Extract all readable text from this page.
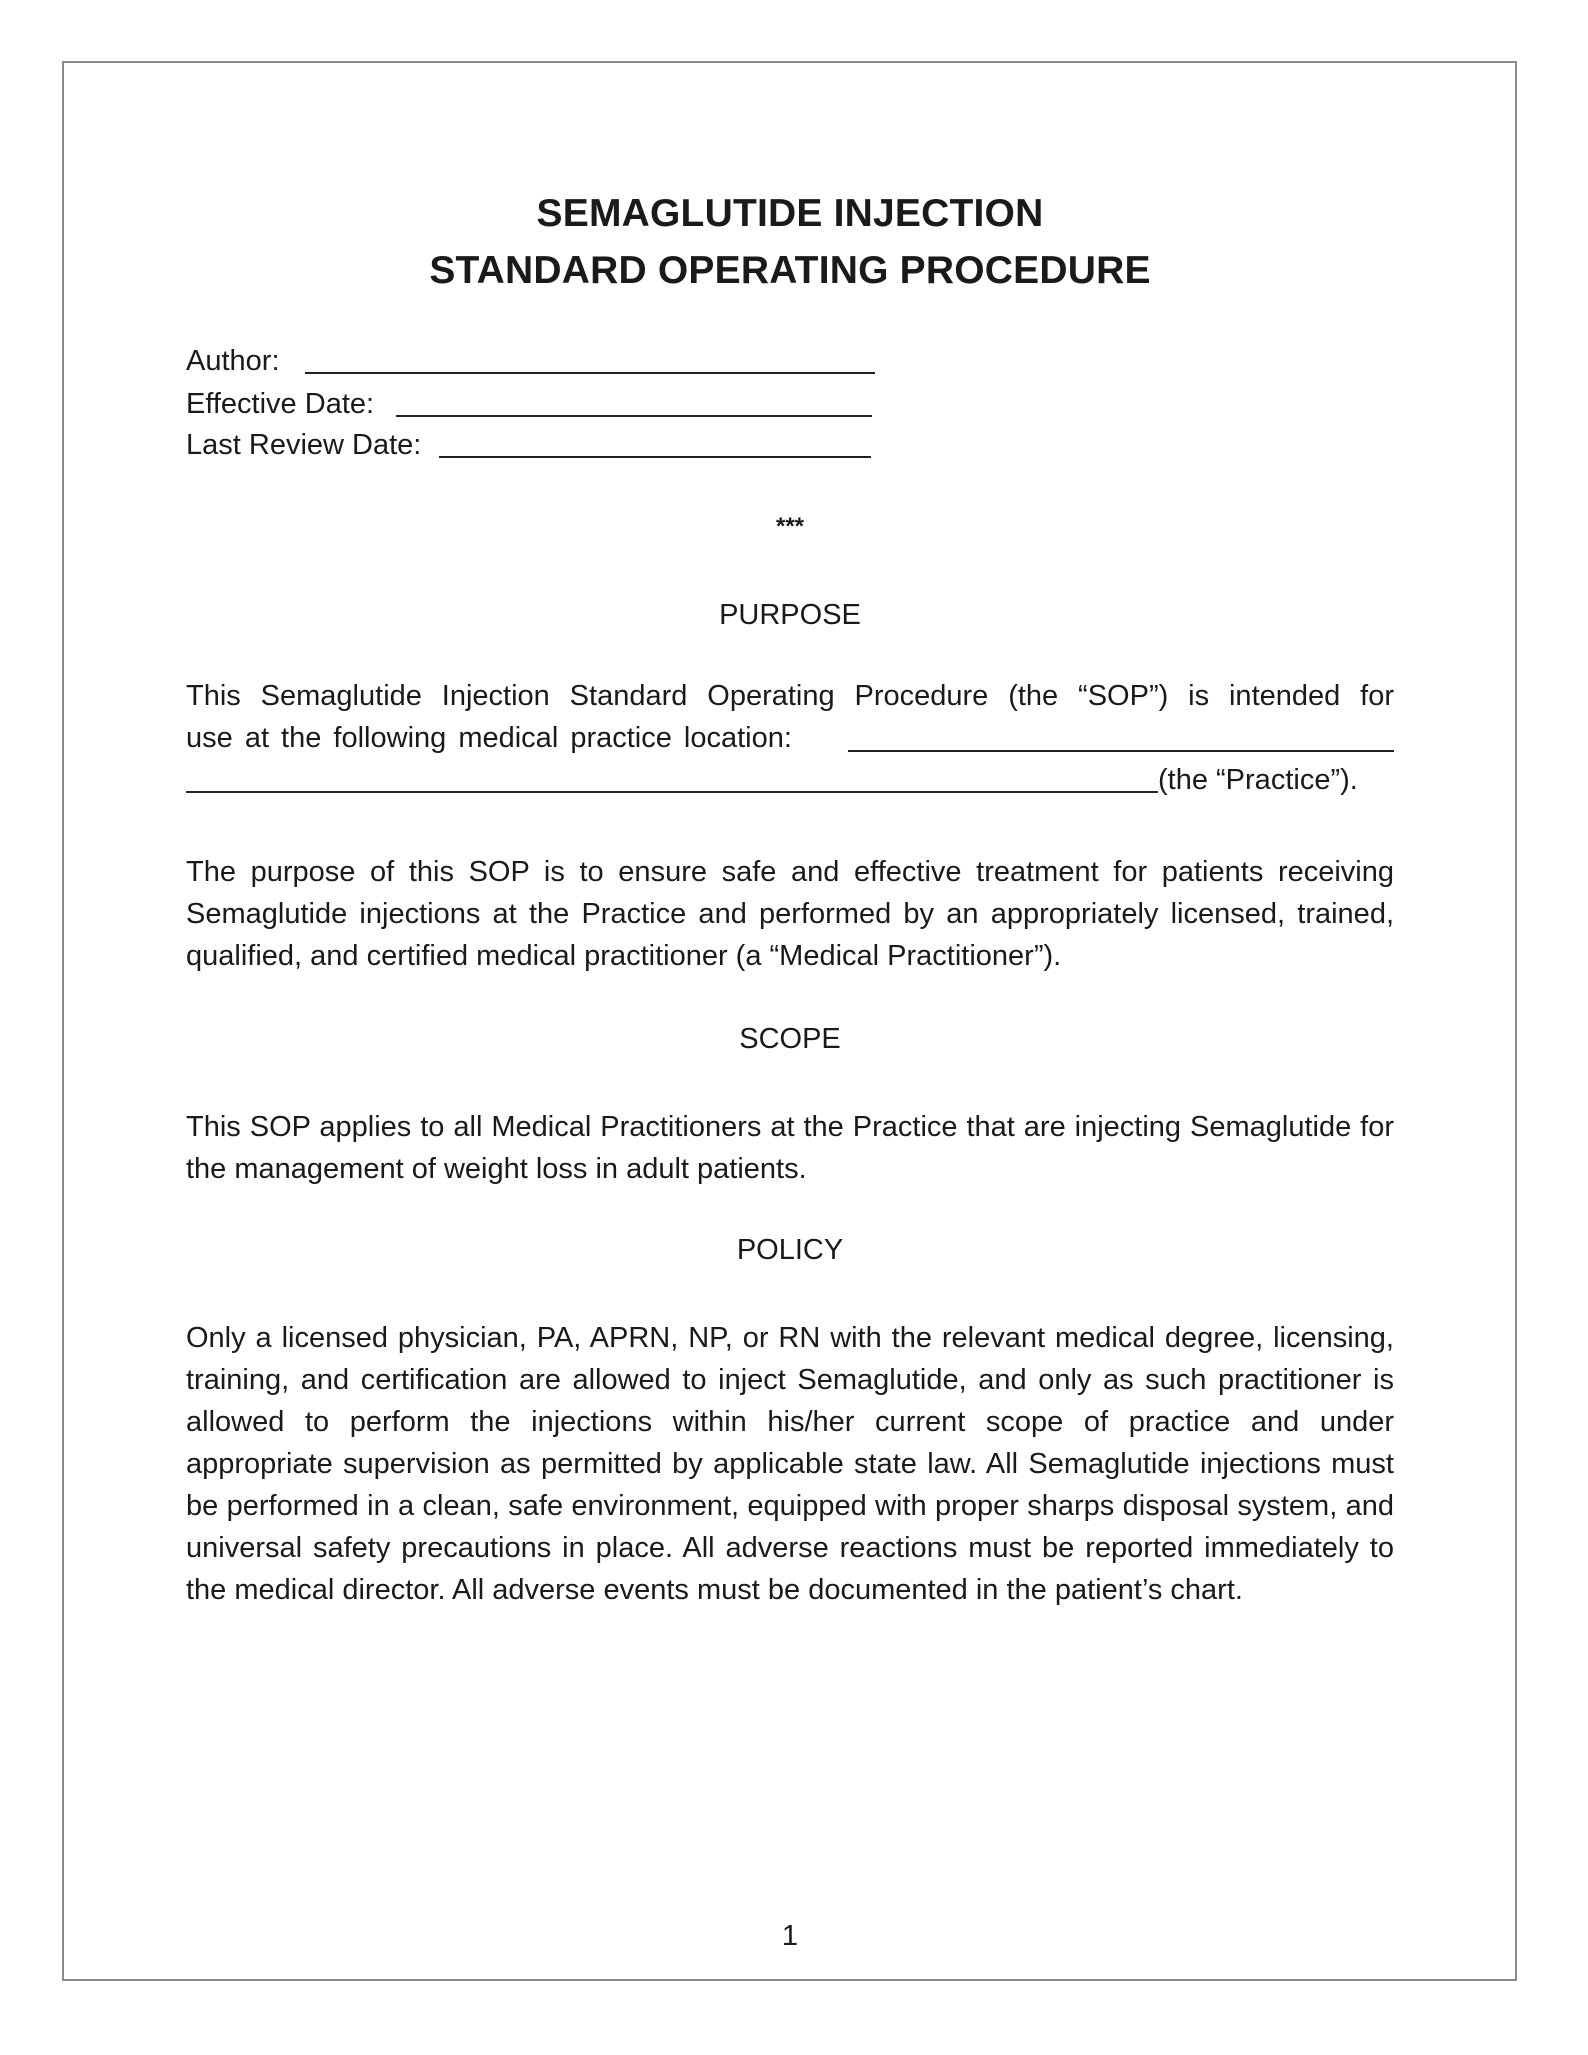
SEMAGLUTIDE INJECTION
STANDARD OPERATING PROCEDURE
Author:
Effective Date:
Last Review Date:
***
PURPOSE
This Semaglutide Injection Standard Operating Procedure (the “SOP”) is intended for
use at the following medical practice location:
(the “Practice”).

The purpose of this SOP is to ensure safe and effective treatment for patients receiving Semaglutide injections at the Practice and performed by an appropriately licensed, trained, qualified, and certified medical practitioner (a “Medical Practitioner”).

SCOPE

This SOP applies to all Medical Practitioners at the Practice that are injecting Semaglutide for the management of weight loss in adult patients.

POLICY

Only a licensed physician, PA, APRN, NP, or RN with the relevant medical degree, licensing, training, and certification are allowed to inject Semaglutide, and only as such practitioner is allowed to perform the injections within his/her current scope of practice and under appropriate supervision as permitted by applicable state law. All Semaglutide injections must be performed in a clean, safe environment, equipped with proper sharps disposal system, and universal safety precautions in place. All adverse reactions must be reported immediately to the medical director. All adverse events must be documented in the patient’s chart.

1
